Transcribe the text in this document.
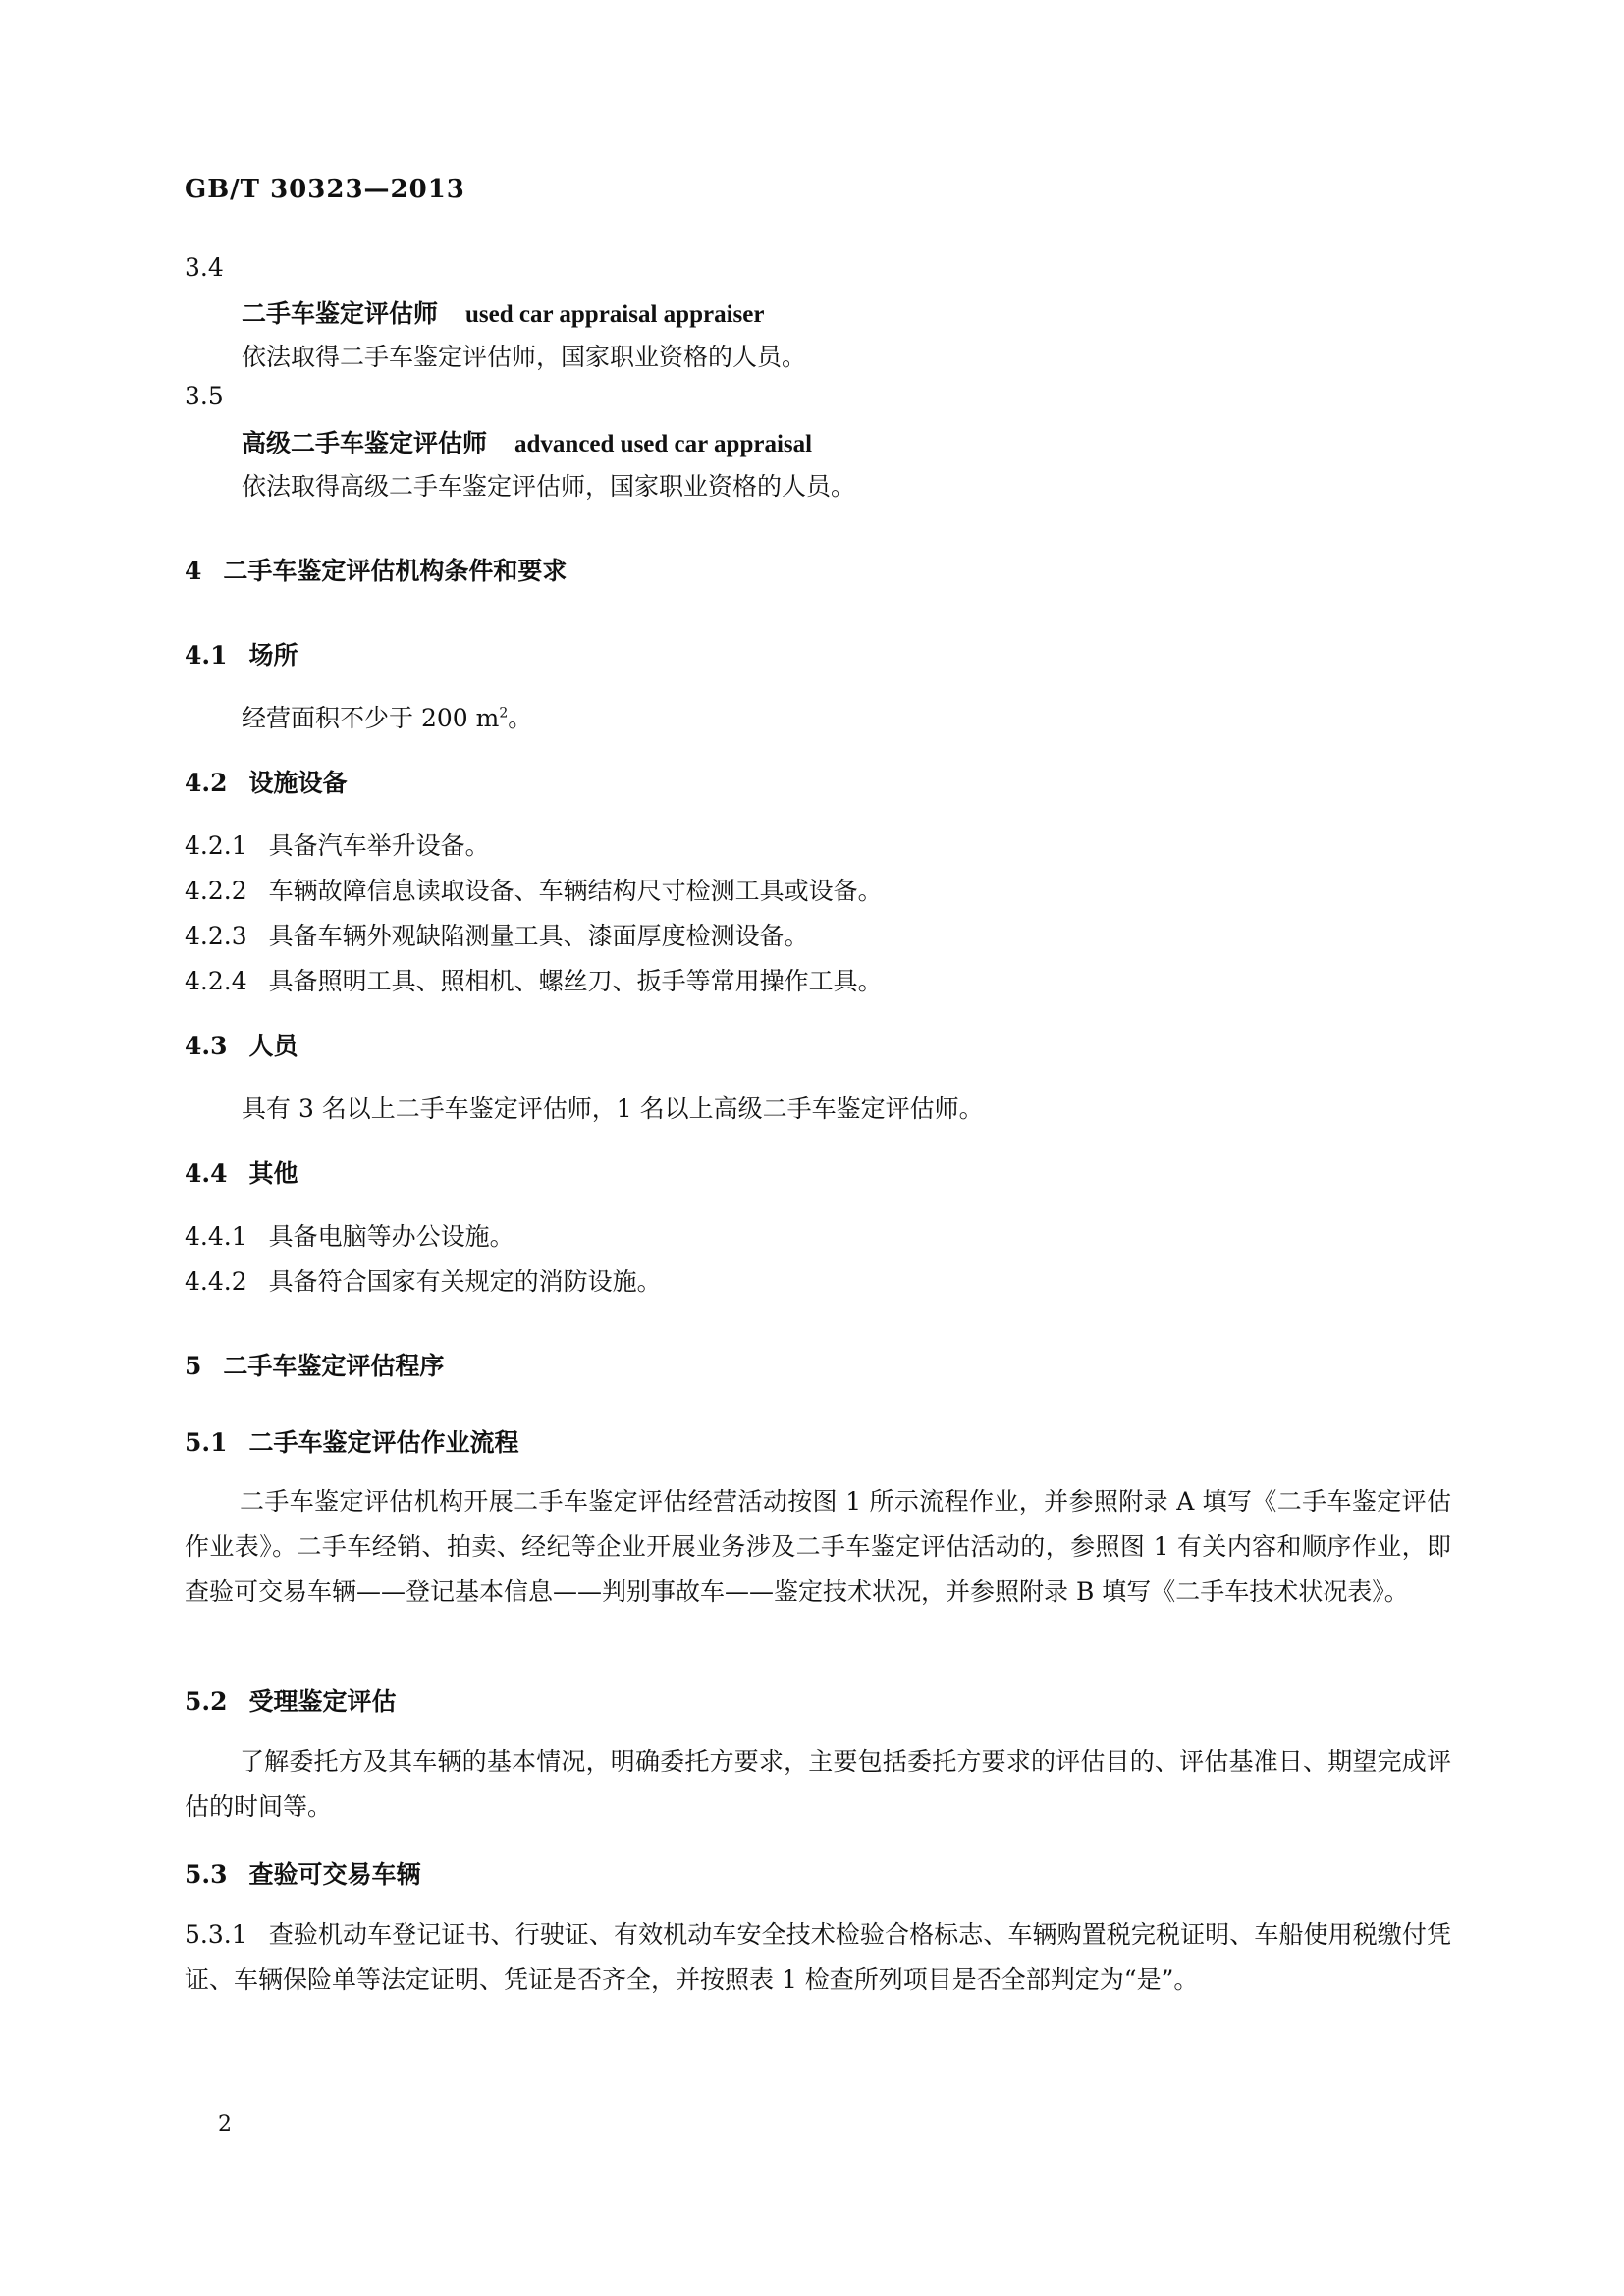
GB/T 30323—2013
3.4
二手车鉴定评估师 used car appraisal appraiser
依法取得二手车鉴定评估师，国家职业资格的人员。
3.5
高级二手车鉴定评估师 advanced used car appraisal
依法取得高级二手车鉴定评估师，国家职业资格的人员。
4 二手车鉴定评估机构条件和要求
4.1 场所
经营面积不少于 200 $m^2$。
4.2 设施设备
4.2.1 具备汽车举升设备。
4.2.2 车辆故障信息读取设备、车辆结构尺寸检测工具或设备。
4.2.3 具备车辆外观缺陷测量工具、漆面厚度检测设备。
4.2.4 具备照明工具、照相机、螺丝刀、扳手等常用操作工具。
4.3 人员
具有 3 名以上二手车鉴定评估师，1 名以上高级二手车鉴定评估师。
4.4 其他
4.4.1 具备电脑等办公设施。
4.4.2 具备符合国家有关规定的消防设施。
5 二手车鉴定评估程序
5.1 二手车鉴定评估作业流程
二手车鉴定评估机构开展二手车鉴定评估经营活动按图 1 所示流程作业，并参照附录 A 填写《二手车鉴定评估作业表》。二手车经销、拍卖、经纪等企业开展业务涉及二手车鉴定评估活动的，参照图 1 有关内容和顺序作业，即查验可交易车辆——登记基本信息——判别事故车——鉴定技术状况，并参照附录 B 填写《二手车技术状况表》。
5.2 受理鉴定评估
了解委托方及其车辆的基本情况，明确委托方要求，主要包括委托方要求的评估目的、评估基准日、期望完成评估的时间等。
5.3 查验可交易车辆
5.3.1 查验机动车登记证书、行驶证、有效机动车安全技术检验合格标志、车辆购置税完税证明、车船使用税缴付凭证、车辆保险单等法定证明、凭证是否齐全，并按照表 1 检查所列项目是否全部判定为“是”。
2
